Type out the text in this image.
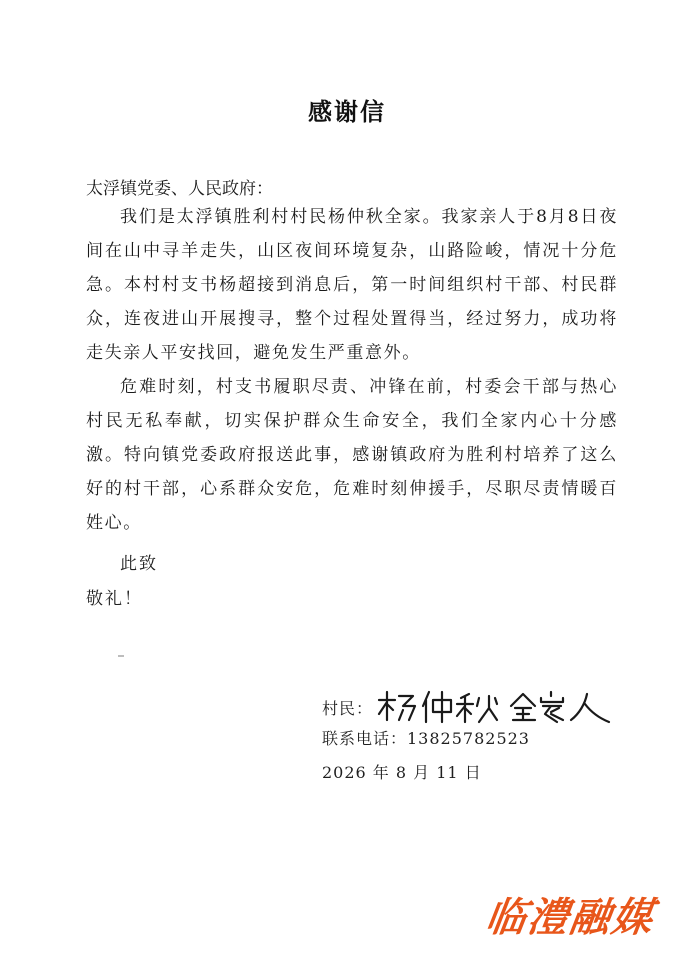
感谢信
太浮镇党委、人民政府：

我们是太浮镇胜利村村民杨仲秋全家。我家亲人于8月8日夜间在山中寻羊走失，山区夜间环境复杂，山路险峻，情况十分危急。本村村支书杨超接到消息后，第一时间组织村干部、村民群众，连夜进山开展搜寻，整个过程处置得当，经过努力，成功将走失亲人平安找回，避免发生严重意外。

危难时刻，村支书履职尽责、冲锋在前，村委会干部与热心村民无私奉献，切实保护群众生命安全，我们全家内心十分感激。特向镇党委政府报送此事，感谢镇政府为胜利村培养了这么好的村干部，心系群众安危，危难时刻伸援手，尽职尽责情暖百姓心。

此致
敬礼！
村民：
联系电话：13825782523
2026 年 8 月 11 日
临澧融媒
